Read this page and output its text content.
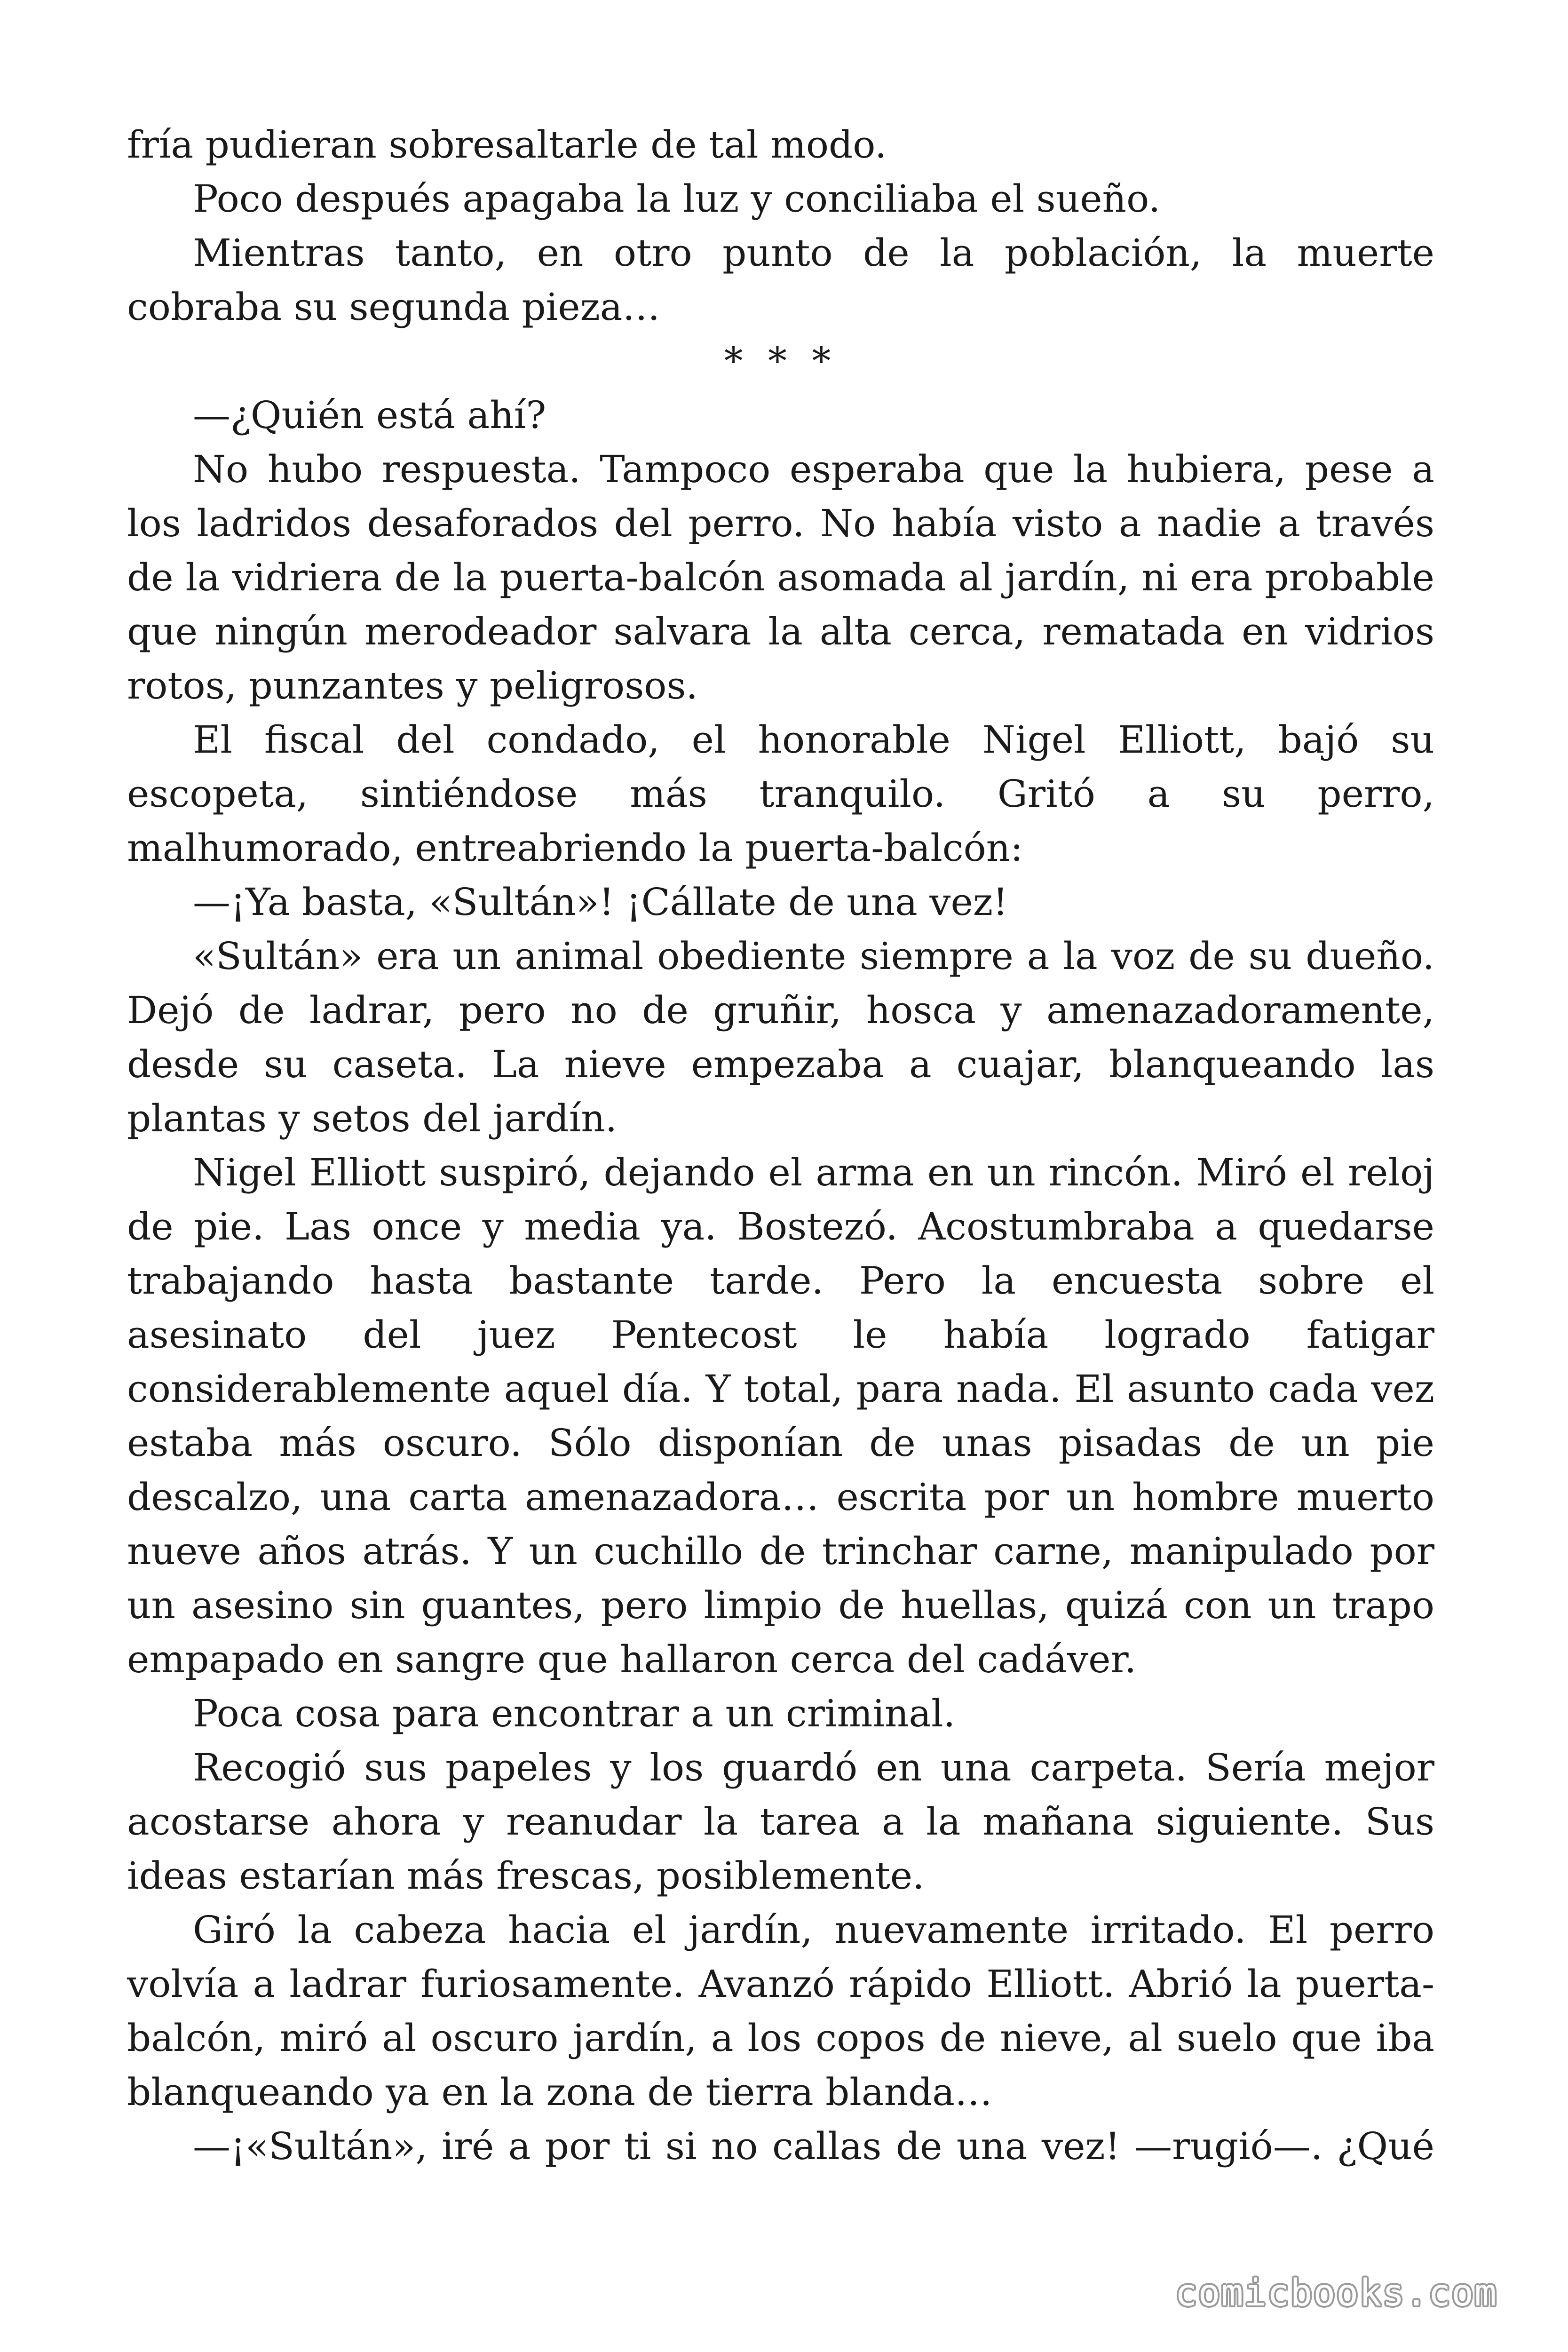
fría pudieran sobresaltarle de tal modo.

Poco después apagaba la luz y conciliaba el sueño.

Mientras tanto, en otro punto de la población, la muerte cobraba su segunda pieza…

* * *

—¿Quién está ahí?

No hubo respuesta. Tampoco esperaba que la hubiera, pese a los ladridos desaforados del perro. No había visto a nadie a través de la vidriera de la puerta-balcón asomada al jardín, ni era probable que ningún merodeador salvara la alta cerca, rematada en vidrios rotos, punzantes y peligrosos.

El fiscal del condado, el honorable Nigel Elliott, bajó su escopeta, sintiéndose más tranquilo. Gritó a su perro, malhumorado, entreabriendo la puerta-balcón:

—¡Ya basta, «Sultán»! ¡Cállate de una vez!

«Sultán» era un animal obediente siempre a la voz de su dueño. Dejó de ladrar, pero no de gruñir, hosca y amenazadoramente, desde su caseta. La nieve empezaba a cuajar, blanqueando las plantas y setos del jardín.

Nigel Elliott suspiró, dejando el arma en un rincón. Miró el reloj de pie. Las once y media ya. Bostezó. Acostumbraba a quedarse trabajando hasta bastante tarde. Pero la encuesta sobre el asesinato del juez Pentecost le había logrado fatigar considerablemente aquel día. Y total, para nada. El asunto cada vez estaba más oscuro. Sólo disponían de unas pisadas de un pie descalzo, una carta amenazadora… escrita por un hombre muerto nueve años atrás. Y un cuchillo de trinchar carne, manipulado por un asesino sin guantes, pero limpio de huellas, quizá con un trapo empapado en sangre que hallaron cerca del cadáver.

Poca cosa para encontrar a un criminal.

Recogió sus papeles y los guardó en una carpeta. Sería mejor acostarse ahora y reanudar la tarea a la mañana siguiente. Sus ideas estarían más frescas, posiblemente.

Giró la cabeza hacia el jardín, nuevamente irritado. El perro volvía a ladrar furiosamente. Avanzó rápido Elliott. Abrió la puerta-balcón, miró al oscuro jardín, a los copos de nieve, al suelo que iba blanqueando ya en la zona de tierra blanda…

—¡«Sultán», iré a por ti si no callas de una vez! —rugió—. ¿Qué

comicbooks.com
